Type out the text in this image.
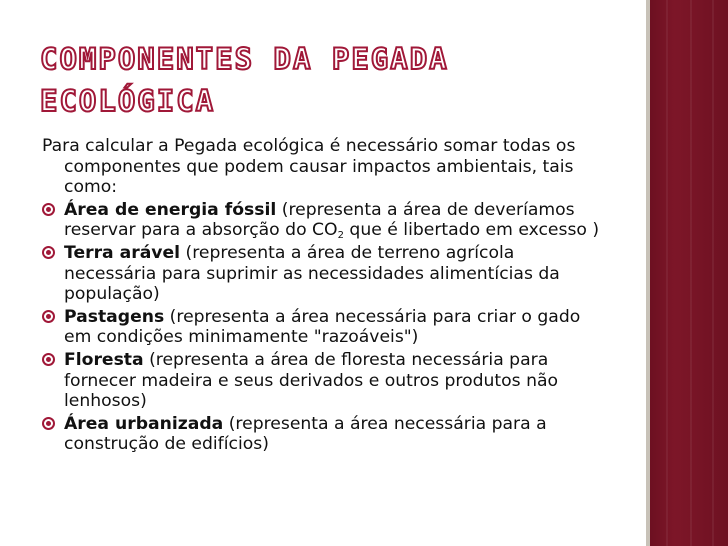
COMPONENTES DA PEGADA ECOLÓGICA

Para calcular a Pegada ecológica é necessário somar todas os componentes que podem causar impactos ambientais, tais como:

Área de energia fóssil (representa a área de deveríamos reservar para a absorção do $CO_2$ que é libertado em excesso )
Terra arável (representa a área de terreno agrícola necessária para suprimir as necessidades alimentícias da população)
Pastagens (representa a área necessária para criar o gado em condições minimamente "razoáveis")
Floresta (representa a área de floresta necessária para fornecer madeira e seus derivados e outros produtos não lenhosos)
Área urbanizada (representa a área necessária para a construção de edifícios)
